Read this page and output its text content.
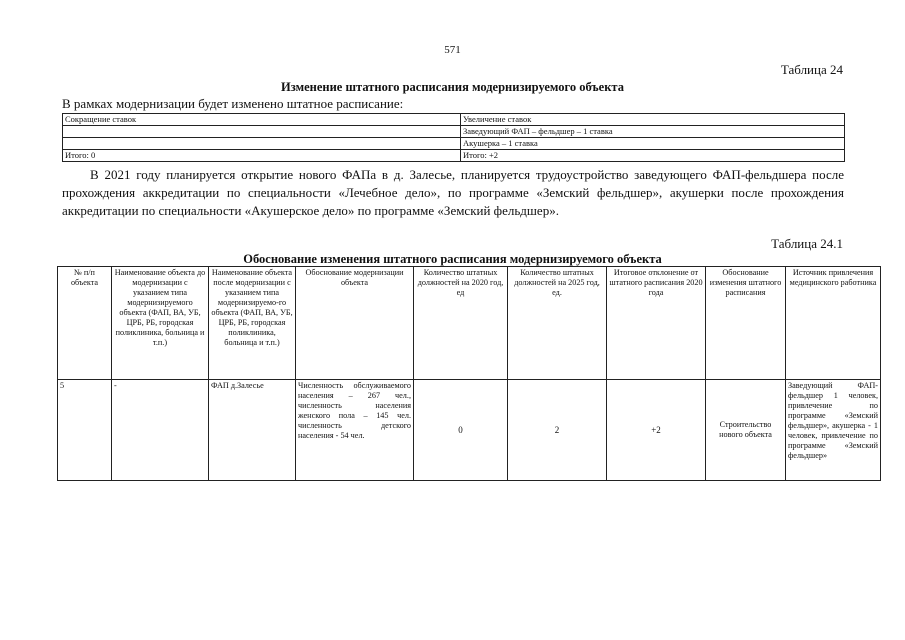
571
Таблица 24
Изменение штатного расписания модернизируемого объекта
В рамках модернизации будет изменено штатное расписание:
Сокращение ставок	Увеличение ставок
	Заведующий ФАП – фельдшер – 1 ставка
	Акушерка – 1 ставка
Итого: 0	Итого: +2
В 2021 году планируется открытие нового ФАПа в д. Залесье, планируется трудоустройство заведующего ФАП-фельдшера после прохождения аккредитации по специальности «Лечебное дело», по программе «Земский фельдшер», акушерки после прохождения аккредитации по специальности «Акушерское дело» по программе «Земский фельдшер».
Таблица 24.1
Обоснование изменения штатного расписания модернизируемого объекта
№ п/п объекта	Наименование объекта до модернизации с указанием типа модернизируемого объекта (ФАП, ВА, УБ, ЦРБ, РБ, городская поликлиника, больница и т.п.)	Наименование объекта после модернизации с указанием типа модернизируемо-го объекта (ФАП, ВА, УБ, ЦРБ, РБ, городская поликлиника, больница и т.п.)	Обоснование модернизации объекта	Количество штатных должностей на 2020 год, ед	Количество штатных должностей на 2025 год, ед.	Итоговое отклонение от штатного расписания 2020 года	Обоснование изменения штатного расписания	Источник привлечения медицинского работника
5	-	ФАП д.Залесье	Численность обслуживаемого населения – 267 чел., численность населения женского пола – 145 чел. численность детского населения - 54 чел.	0	2	+2	Строительство нового объекта	Заведующий ФАП-фельдшер 1 человек, привлечение по программе «Земский фельдшер», акушерка - 1 человек, привлечение по программе «Земский фельдшер»
